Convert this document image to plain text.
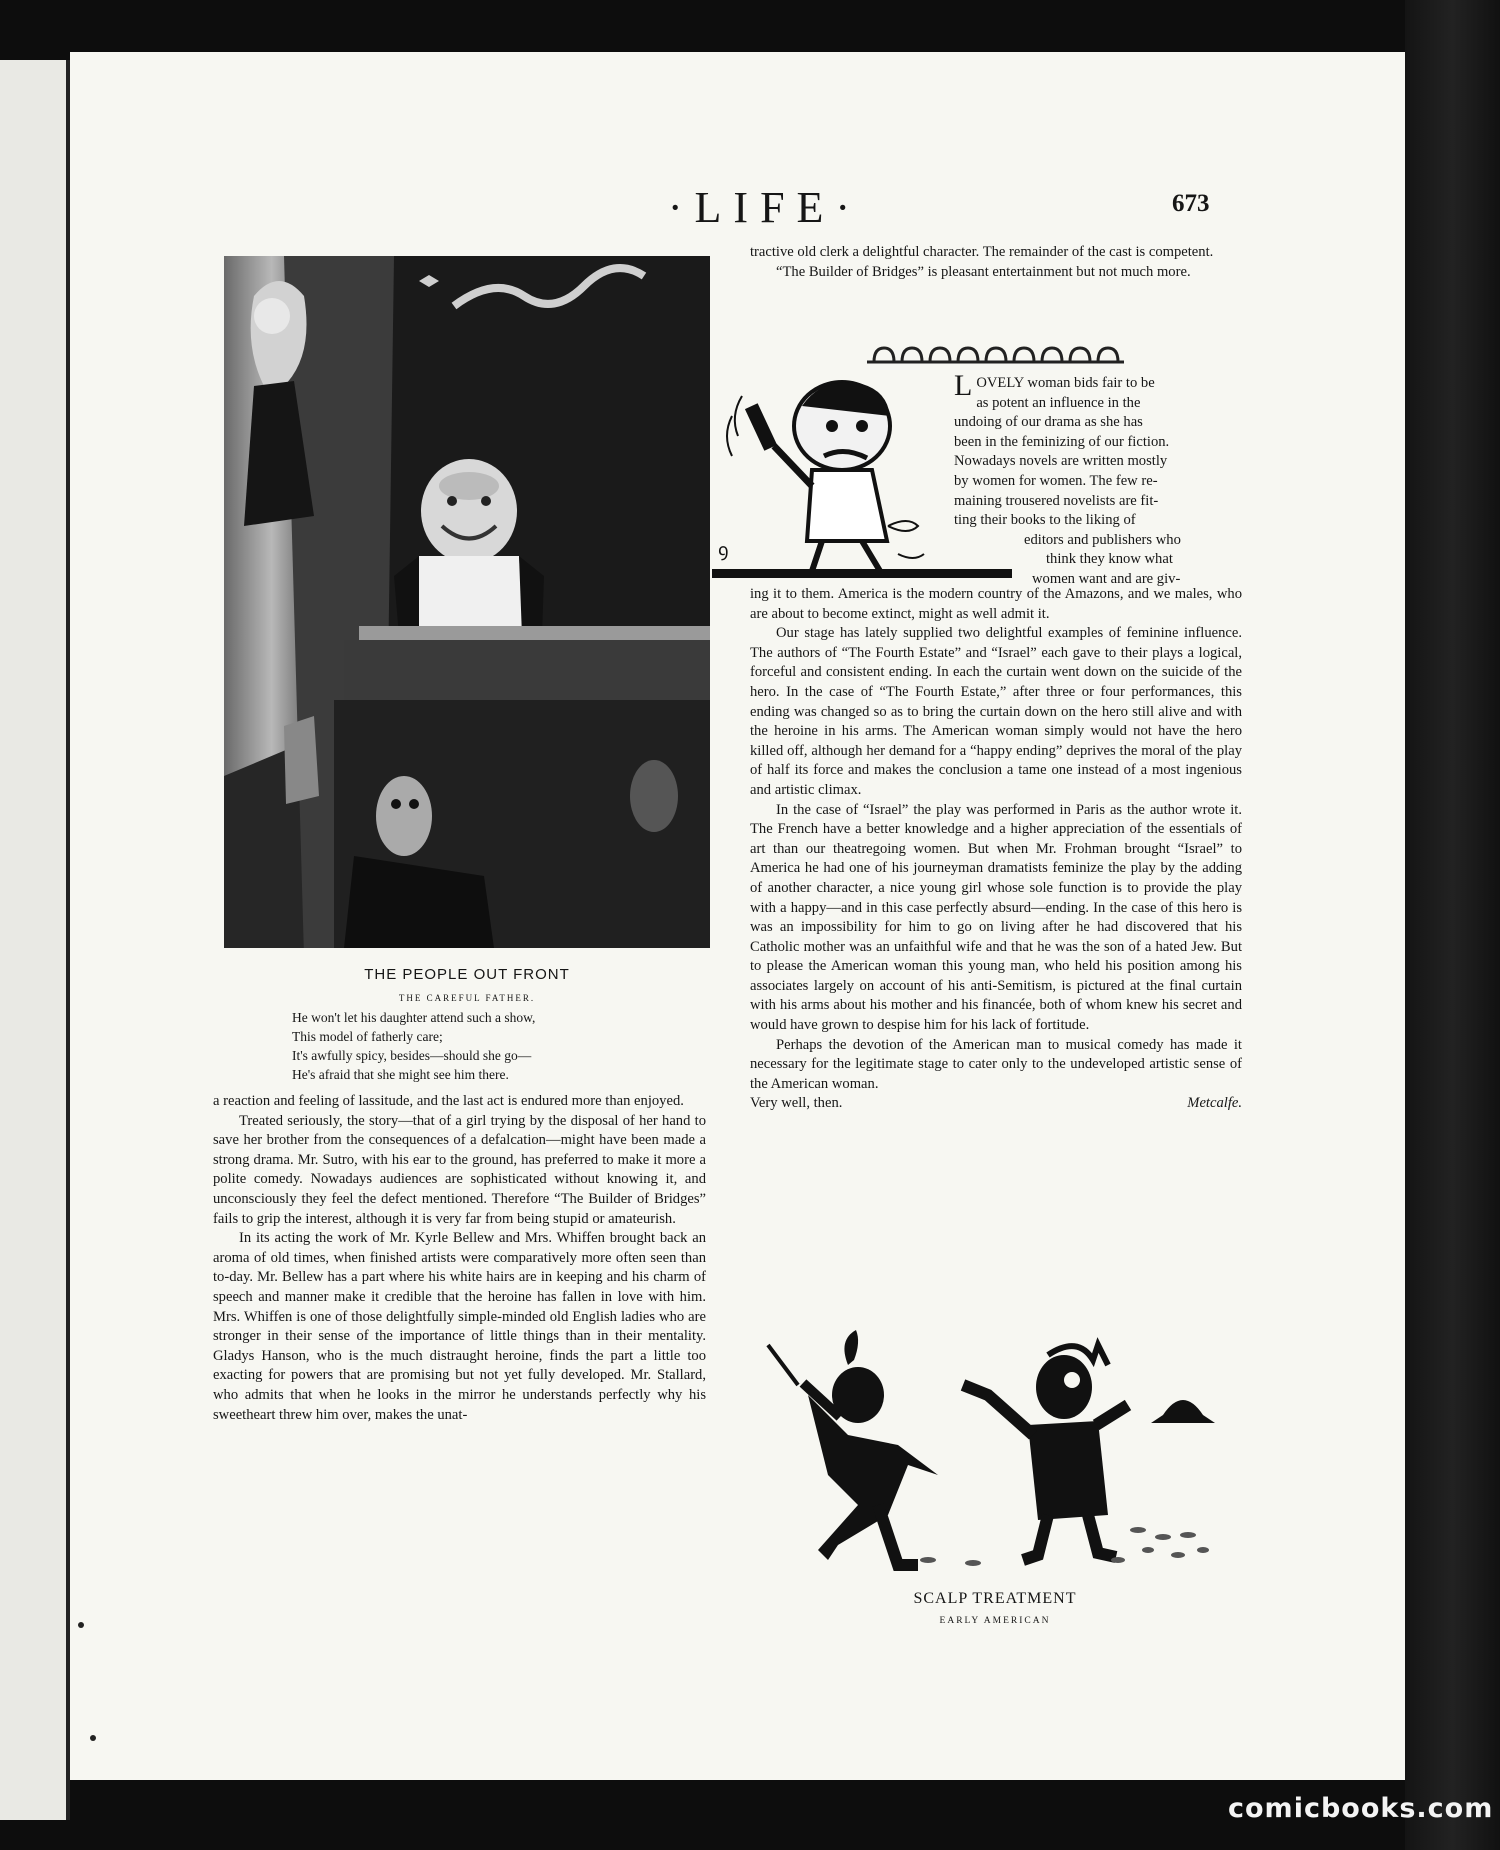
·LIFE·	673
THE PEOPLE OUT FRONT
THE CAREFUL FATHER.
He won't let his daughter attend such a show,
This model of fatherly care;
It's awfully spicy, besides—should she go—
He's afraid that she might see him there.

a reaction and feeling of lassitude, and the last act is endured more than enjoyed.

Treated seriously, the story—that of a girl trying by the disposal of her hand to save her brother from the consequences of a defalcation—might have been made a strong drama. Mr. Sutro, with his ear to the ground, has preferred to make it more a polite comedy. Nowadays audiences are sophisticated without knowing it, and unconsciously they feel the defect mentioned. Therefore “The Builder of Bridges” fails to grip the interest, although it is very far from being stupid or amateurish.

In its acting the work of Mr. Kyrle Bellew and Mrs. Whiffen brought back an aroma of old times, when finished artists were comparatively more often seen than to-day. Mr. Bellew has a part where his white hairs are in keeping and his charm of speech and manner make it credible that the heroine has fallen in love with him. Mrs. Whiffen is one of those delightfully simple-minded old English ladies who are stronger in their sense of the importance of little things than in their mentality. Gladys Hanson, who is the much distraught heroine, finds the part a little too exacting for powers that are promising but not yet fully developed. Mr. Stallard, who admits that when he looks in the mirror he understands perfectly why his sweetheart threw him over, makes the unat-

tractive old clerk a delightful character. The remainder of the cast is competent.

“The Builder of Bridges” is pleasant entertainment but not much more.

ꝯ
L OVELY woman bids fair to be
as potent an influence in the
undoing of our drama as she has
been in the feminizing of our fiction.
Nowadays novels are written mostly
by women for women. The few re-
maining trousered novelists are fit-
ting their books to the liking of
editors and publishers who
think they know what
women want and are giv-

ing it to them. America is the modern country of the Amazons, and we males, who are about to become extinct, might as well admit it.

Our stage has lately supplied two delightful examples of feminine influence. The authors of “The Fourth Estate” and “Israel” each gave to their plays a logical, forceful and consistent ending. In each the curtain went down on the suicide of the hero. In the case of “The Fourth Estate,” after three or four performances, this ending was changed so as to bring the curtain down on the hero still alive and with the heroine in his arms. The American woman simply would not have the hero killed off, although her demand for a “happy ending” deprives the moral of the play of half its force and makes the conclusion a tame one instead of a most ingenious and artistic climax.

In the case of “Israel” the play was performed in Paris as the author wrote it. The French have a better knowledge and a higher appreciation of the essentials of art than our theatregoing women. But when Mr. Frohman brought “Israel” to America he had one of his journeyman dramatists feminize the play by the adding of another character, a nice young girl whose sole function is to provide the play with a happy—and in this case perfectly absurd—ending. In the case of this hero is was an impossibility for him to go on living after he had discovered that his Catholic mother was an unfaithful wife and that he was the son of a hated Jew. But to please the American woman this young man, who held his position among his associates largely on account of his anti-Semitism, is pictured at the final curtain with his arms about his mother and his financée, both of whom knew his secret and would have grown to despise him for his lack of fortitude.

Perhaps the devotion of the American man to musical comedy has made it necessary for the legitimate stage to cater only to the undeveloped artistic sense of the American woman.

Very well, then.	Metcalfe.

SCALP TREATMENT
EARLY AMERICAN
comicbooks.com
